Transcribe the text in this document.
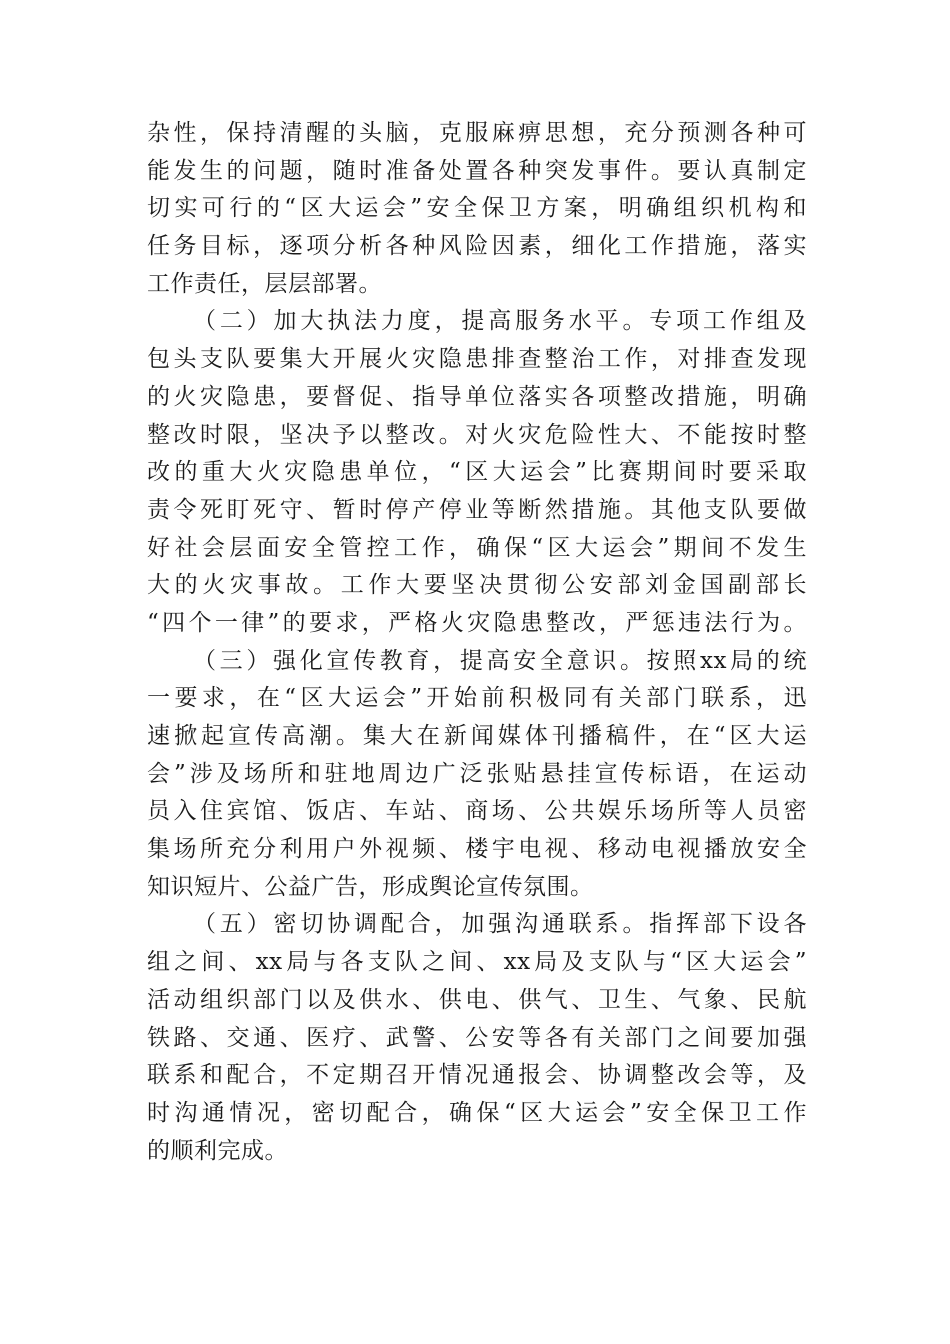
杂性，保持清醒的头脑，克服麻痹思想，充分预测各种可
能发生的问题，随时准备处置各种突发事件。要认真制定
切实可行的“区大运会”安全保卫方案，明确组织机构和
任务目标，逐项分析各种风险因素，细化工作措施，落实
工作责任，层层部署。
（二）加大执法力度，提高服务水平。专项工作组及
包头支队要集大开展火灾隐患排查整治工作，对排查发现
的火灾隐患，要督促、指导单位落实各项整改措施，明确
整改时限，坚决予以整改。对火灾危险性大、不能按时整
改的重大火灾隐患单位，“区大运会”比赛期间时要采取
责令死盯死守、暂时停产停业等断然措施。其他支队要做
好社会层面安全管控工作，确保“区大运会”期间不发生
大的火灾事故。工作大要坚决贯彻公安部刘金国副部长
“四个一律”的要求，严格火灾隐患整改，严惩违法行为。
（三）强化宣传教育，提高安全意识。按照xx局的统
一要求，在“区大运会”开始前积极同有关部门联系，迅
速掀起宣传高潮。集大在新闻媒体刊播稿件，在“区大运
会”涉及场所和驻地周边广泛张贴悬挂宣传标语，在运动
员入住宾馆、饭店、车站、商场、公共娱乐场所等人员密
集场所充分利用户外视频、楼宇电视、移动电视播放安全
知识短片、公益广告，形成舆论宣传氛围。
（五）密切协调配合，加强沟通联系。指挥部下设各
组之间、xx局与各支队之间、xx局及支队与“区大运会”
活动组织部门以及供水、供电、供气、卫生、气象、民航
铁路、交通、医疗、武警、公安等各有关部门之间要加强
联系和配合，不定期召开情况通报会、协调整改会等，及
时沟通情况，密切配合，确保“区大运会”安全保卫工作
的顺利完成。
